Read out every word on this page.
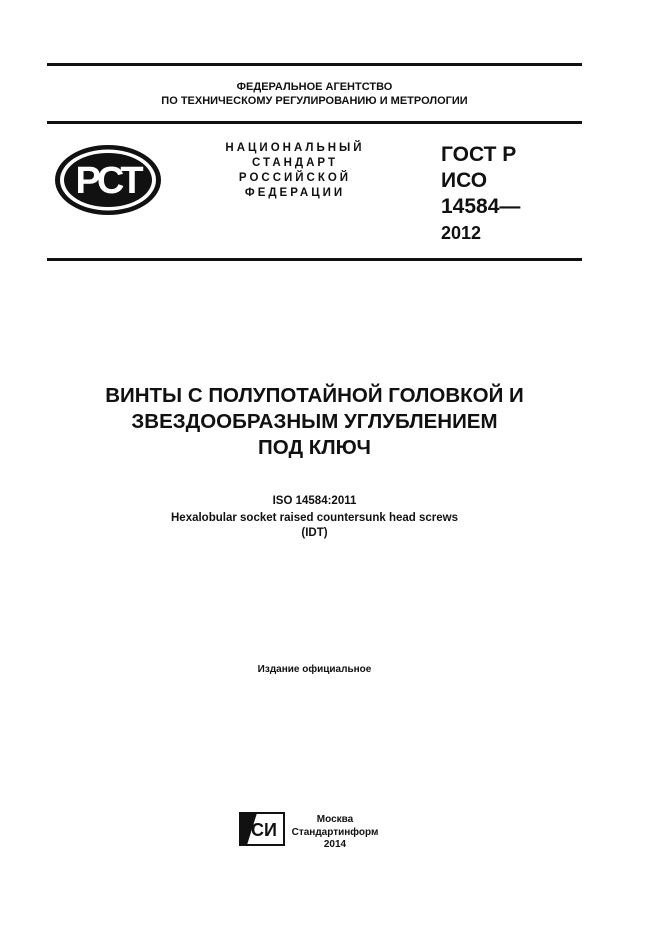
ФЕДЕРАЛЬНОЕ АГЕНТСТВО
ПО ТЕХНИЧЕСКОМУ РЕГУЛИРОВАНИЮ И МЕТРОЛОГИИ
РСТ
НАЦИОНАЛЬНЫЙ
СТАНДАРТ
РОССИЙСКОЙ
ФЕДЕРАЦИИ
ГОСТ Р
ИСО
14584—
2012
ВИНТЫ С ПОЛУПОТАЙНОЙ ГОЛОВКОЙ И
ЗВЕЗДООБРАЗНЫМ УГЛУБЛЕНИЕМ
ПОД КЛЮЧ
ISO 14584:2011
Hexalobular socket raised countersunk head screws
(IDT)
Издание официальное
СИ
Москва
Стандартинформ
2014
